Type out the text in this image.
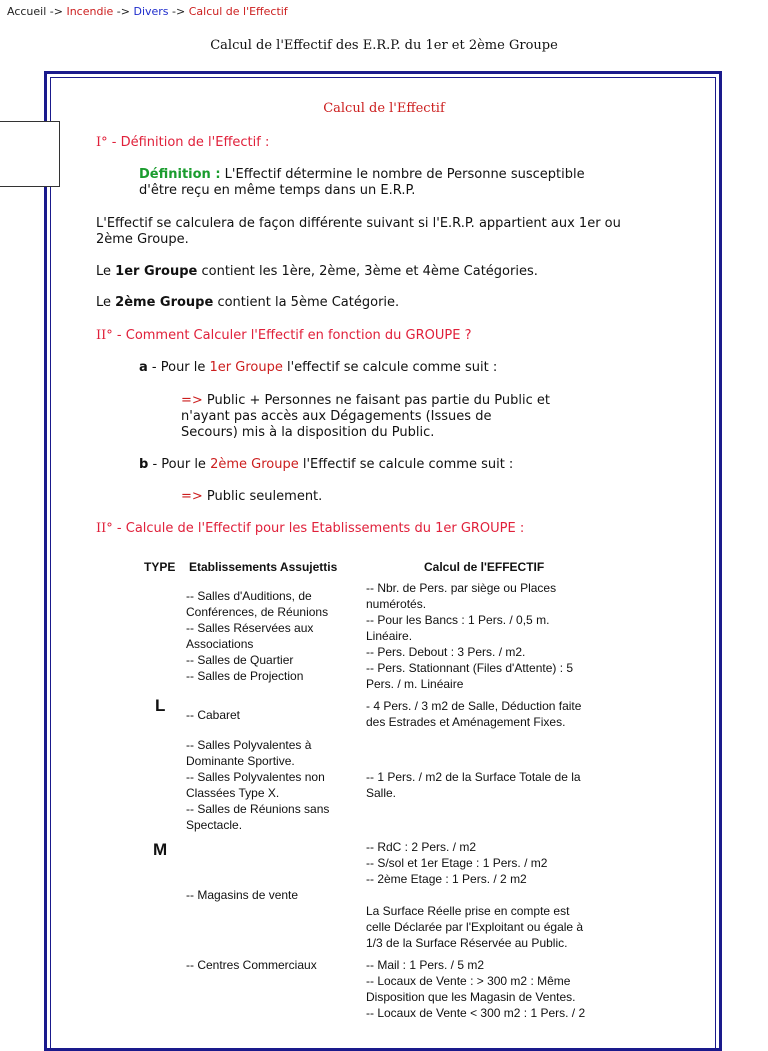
Accueil -> Incendie -> Divers -> Calcul de l'Effectif
Calcul de l'Effectif des E.R.P. du 1er et 2ème Groupe
Calcul de l'Effectif
I° - Définition de l'Effectif :
Définition : L'Effectif détermine le nombre de Personne susceptible
d'être reçu en même temps dans un E.R.P.
L'Effectif se calculera de façon différente suivant si l'E.R.P. appartient aux 1er ou
2ème Groupe.
Le 1er Groupe contient les 1ère, 2ème, 3ème et 4ème Catégories.
Le 2ème Groupe contient la 5ème Catégorie.
II° - Comment Calculer l'Effectif en fonction du GROUPE ?
a - Pour le 1er Groupe l'effectif se calcule comme suit :
=> Public + Personnes ne faisant pas partie du Public et
n'ayant pas accès aux Dégagements (Issues de
Secours) mis à la disposition du Public.
b - Pour le 2ème Groupe l'Effectif se calcule comme suit :
=> Public seulement.
II° - Calcule de l'Effectif pour les Etablissements du 1er GROUPE :
TYPE Etablissements Assujettis	Calcul de l'EFFECTIF
L
M
-- Salles d'Auditions, de
Conférences, de Réunions
-- Salles Réservées aux
Associations
-- Salles de Quartier
-- Salles de Projection
-- Nbr. de Pers. par siège ou Places
numérotés.
-- Pour les Bancs : 1 Pers. / 0,5 m.
Linéaire.
-- Pers. Debout : 3 Pers. / m2.
-- Pers. Stationnant (Files d'Attente) : 5
Pers. / m. Linéaire
-- Cabaret
- 4 Pers. / 3 m2 de Salle, Déduction faite
des Estrades et Aménagement Fixes.
-- Salles Polyvalentes à
Dominante Sportive.
-- Salles Polyvalentes non
Classées Type X.
-- Salles de Réunions sans
Spectacle.
-- 1 Pers. / m2 de la Surface Totale de la
Salle.
-- Magasins de vente
-- RdC : 2 Pers. / m2
-- S/sol et 1er Etage : 1 Pers. / m2
-- 2ème Etage : 1 Pers. / 2 m2
La Surface Réelle prise en compte est
celle Déclarée par l'Exploitant ou égale à
1/3 de la Surface Réservée au Public.
-- Centres Commerciaux	-- Mail : 1 Pers. / 5 m2
-- Locaux de Vente : > 300 m2 : Même
Disposition que les Magasin de Ventes.
-- Locaux de Vente < 300 m2 : 1 Pers. / 2
